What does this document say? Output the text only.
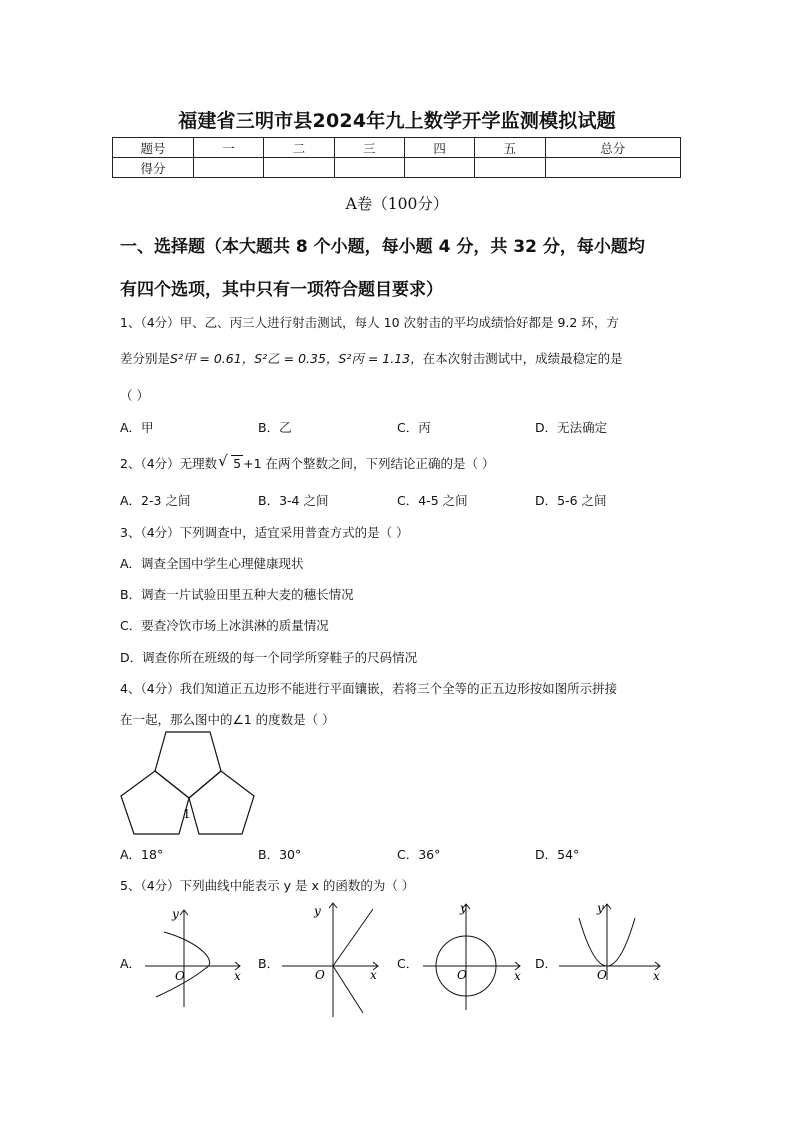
福建省三明市县2024年九上数学开学监测模拟试题
题号	一	二	三	四	五	总分
得分						
A卷（100分）
一、选择题（本大题共 8 个小题，每小题 4 分，共 32 分，每小题均
有四个选项，其中只有一项符合题目要求）
1、（4分）甲、乙、丙三人进行射击测试，每人 10 次射击的平均成绩恰好都是 9.2 环，方
差分别是S²甲 = 0.61，S²乙 = 0.35，S²丙 = 1.13，在本次射击测试中，成绩最稳定的是
（ ）
A．甲	B．乙	C．丙	D．无法确定
2、（4分）无理数 √ 5 +1 在两个整数之间，下列结论正确的是（ ）
A．2-3 之间	B．3-4 之间	C．4-5 之间	D．5-6 之间
3、（4分）下列调查中，适宜采用普查方式的是（ ）
A．调查全国中学生心理健康现状
B．调查一片试验田里五种大麦的穗长情况
C．要查冷饮市场上冰淇淋的质量情况
D．调查你所在班级的每一个同学所穿鞋子的尺码情况
4、（4分）我们知道正五边形不能进行平面镶嵌，若将三个全等的正五边形按如图所示拼接
在一起，那么图中的∠1 的度数是（ ）
1
A．18°	B．30°	C．36°	D．54°
5、（4分）下列曲线中能表示 y 是 x 的函数的为（ ）
A．	B．	C．	D．
O	x
y
O	x
y
O	x
y
O	x
y
